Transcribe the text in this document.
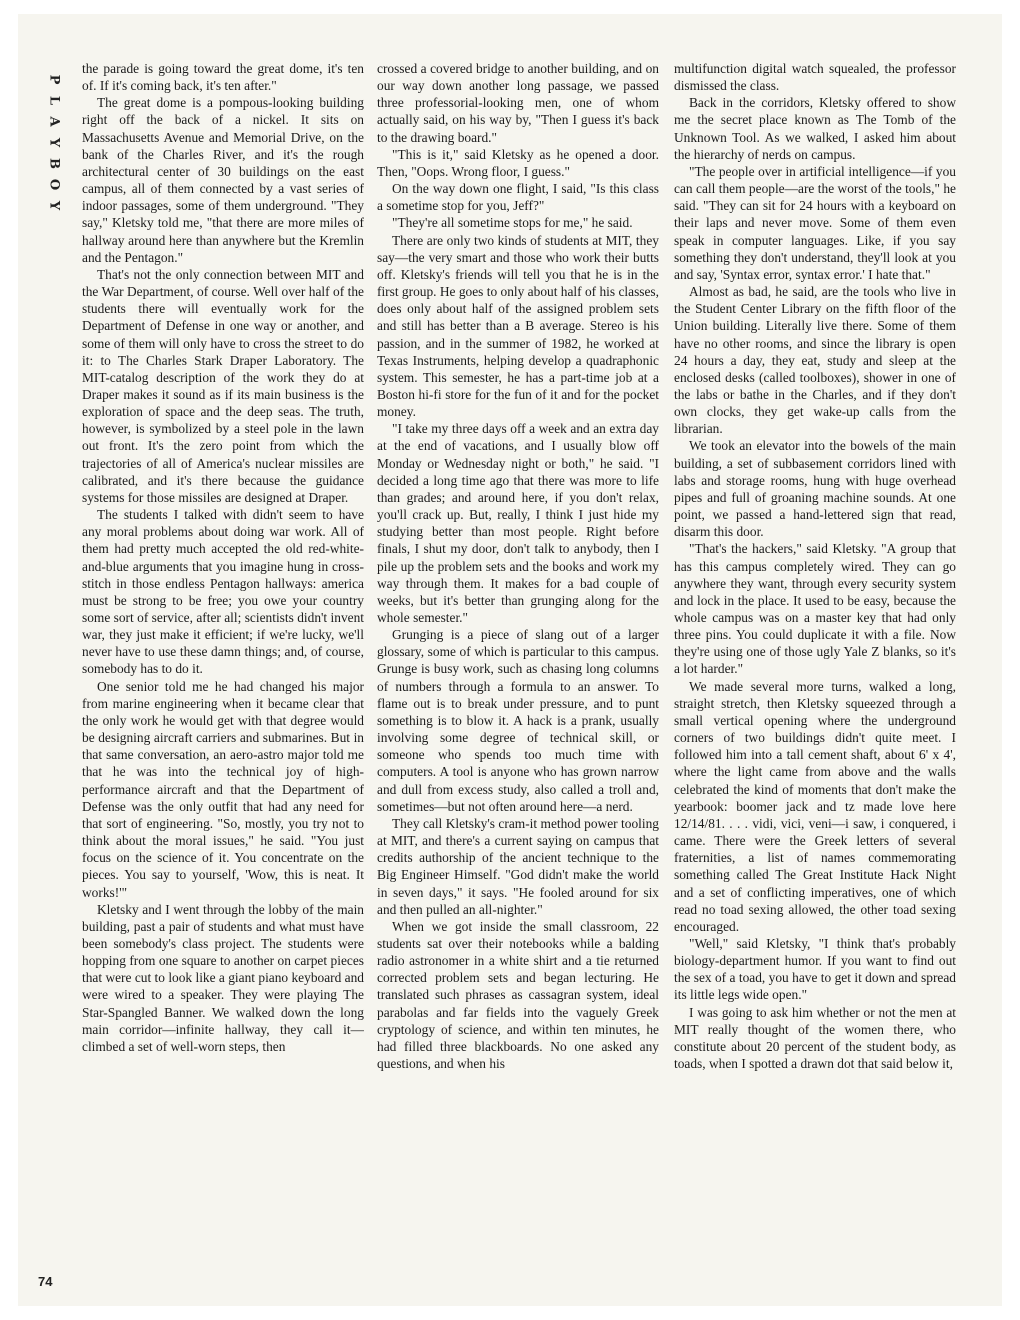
P
L
A
Y
B
O
Y

the parade is going toward the great dome, it's ten of. If it's coming back, it's ten after."

The great dome is a pompous-looking building right off the back of a nickel. It sits on Massachusetts Avenue and Memorial Drive, on the bank of the Charles River, and it's the rough architectural center of 30 buildings on the east campus, all of them connected by a vast series of indoor passages, some of them underground. "They say," Kletsky told me, "that there are more miles of hallway around here than anywhere but the Kremlin and the Pentagon."

That's not the only connection between MIT and the War Department, of course. Well over half of the students there will eventually work for the Department of Defense in one way or another, and some of them will only have to cross the street to do it: to The Charles Stark Draper Laboratory. The MIT-catalog description of the work they do at Draper makes it sound as if its main business is the exploration of space and the deep seas. The truth, however, is symbolized by a steel pole in the lawn out front. It's the zero point from which the trajectories of all of America's nuclear missiles are calibrated, and it's there because the guidance systems for those missiles are designed at Draper.

The students I talked with didn't seem to have any moral problems about doing war work. All of them had pretty much accepted the old red-white-and-blue arguments that you imagine hung in cross-stitch in those endless Pentagon hallways: america must be strong to be free; you owe your country some sort of service, after all; scientists didn't invent war, they just make it efficient; if we're lucky, we'll never have to use these damn things; and, of course, somebody has to do it.

One senior told me he had changed his major from marine engineering when it became clear that the only work he would get with that degree would be designing aircraft carriers and submarines. But in that same conversation, an aero-astro major told me that he was into the technical joy of high-performance aircraft and that the Department of Defense was the only outfit that had any need for that sort of engineering. "So, mostly, you try not to think about the moral issues," he said. "You just focus on the science of it. You concentrate on the pieces. You say to yourself, 'Wow, this is neat. It works!'"

Kletsky and I went through the lobby of the main building, past a pair of students and what must have been somebody's class project. The students were hopping from one square to another on carpet pieces that were cut to look like a giant piano keyboard and were wired to a speaker. They were playing The Star-Spangled Banner. We walked down the long main corridor—infinite hallway, they call it—climbed a set of well-worn steps, then

crossed a covered bridge to another building, and on our way down another long passage, we passed three professorial-looking men, one of whom actually said, on his way by, "Then I guess it's back to the drawing board."

"This is it," said Kletsky as he opened a door. Then, "Oops. Wrong floor, I guess."

On the way down one flight, I said, "Is this class a sometime stop for you, Jeff?"

"They're all sometime stops for me," he said.

There are only two kinds of students at MIT, they say—the very smart and those who work their butts off. Kletsky's friends will tell you that he is in the first group. He goes to only about half of his classes, does only about half of the assigned problem sets and still has better than a B average. Stereo is his passion, and in the summer of 1982, he worked at Texas Instruments, helping develop a quadraphonic system. This semester, he has a part-time job at a Boston hi-fi store for the fun of it and for the pocket money.

"I take my three days off a week and an extra day at the end of vacations, and I usually blow off Monday or Wednesday night or both," he said. "I decided a long time ago that there was more to life than grades; and around here, if you don't relax, you'll crack up. But, really, I think I just hide my studying better than most people. Right before finals, I shut my door, don't talk to anybody, then I pile up the problem sets and the books and work my way through them. It makes for a bad couple of weeks, but it's better than grunging along for the whole semester."

Grunging is a piece of slang out of a larger glossary, some of which is particular to this campus. Grunge is busy work, such as chasing long columns of numbers through a formula to an answer. To flame out is to break under pressure, and to punt something is to blow it. A hack is a prank, usually involving some degree of technical skill, or someone who spends too much time with computers. A tool is anyone who has grown narrow and dull from excess study, also called a troll and, sometimes—but not often around here—a nerd.

They call Kletsky's cram-it method power tooling at MIT, and there's a current saying on campus that credits authorship of the ancient technique to the Big Engineer Himself. "God didn't make the world in seven days," it says. "He fooled around for six and then pulled an all-nighter."

When we got inside the small classroom, 22 students sat over their notebooks while a balding radio astronomer in a white shirt and a tie returned corrected problem sets and began lecturing. He translated such phrases as cassagran system, ideal parabolas and far fields into the vaguely Greek cryptology of science, and within ten minutes, he had filled three blackboards. No one asked any questions, and when his

multifunction digital watch squealed, the professor dismissed the class.

Back in the corridors, Kletsky offered to show me the secret place known as The Tomb of the Unknown Tool. As we walked, I asked him about the hierarchy of nerds on campus.

"The people over in artificial intelligence—if you can call them people—are the worst of the tools," he said. "They can sit for 24 hours with a keyboard on their laps and never move. Some of them even speak in computer languages. Like, if you say something they don't understand, they'll look at you and say, 'Syntax error, syntax error.' I hate that."

Almost as bad, he said, are the tools who live in the Student Center Library on the fifth floor of the Union building. Literally live there. Some of them have no other rooms, and since the library is open 24 hours a day, they eat, study and sleep at the enclosed desks (called toolboxes), shower in one of the labs or bathe in the Charles, and if they don't own clocks, they get wake-up calls from the librarian.

We took an elevator into the bowels of the main building, a set of subbasement corridors lined with labs and storage rooms, hung with huge overhead pipes and full of groaning machine sounds. At one point, we passed a hand-lettered sign that read, disarm this door.

"That's the hackers," said Kletsky. "A group that has this campus completely wired. They can go anywhere they want, through every security system and lock in the place. It used to be easy, because the whole campus was on a master key that had only three pins. You could duplicate it with a file. Now they're using one of those ugly Yale Z blanks, so it's a lot harder."

We made several more turns, walked a long, straight stretch, then Kletsky squeezed through a small vertical opening where the underground corners of two buildings didn't quite meet. I followed him into a tall cement shaft, about 6' x 4', where the light came from above and the walls celebrated the kind of moments that don't make the yearbook: boomer jack and tz made love here 12/14/81. . . . vidi, vici, veni—i saw, i conquered, i came. There were the Greek letters of several fraternities, a list of names commemorating something called The Great Institute Hack Night and a set of conflicting imperatives, one of which read no toad sexing allowed, the other toad sexing encouraged.

"Well," said Kletsky, "I think that's probably biology-department humor. If you want to find out the sex of a toad, you have to get it down and spread its little legs wide open."

I was going to ask him whether or not the men at MIT really thought of the women there, who constitute about 20 percent of the student body, as toads, when I spotted a drawn dot that said below it,

74
